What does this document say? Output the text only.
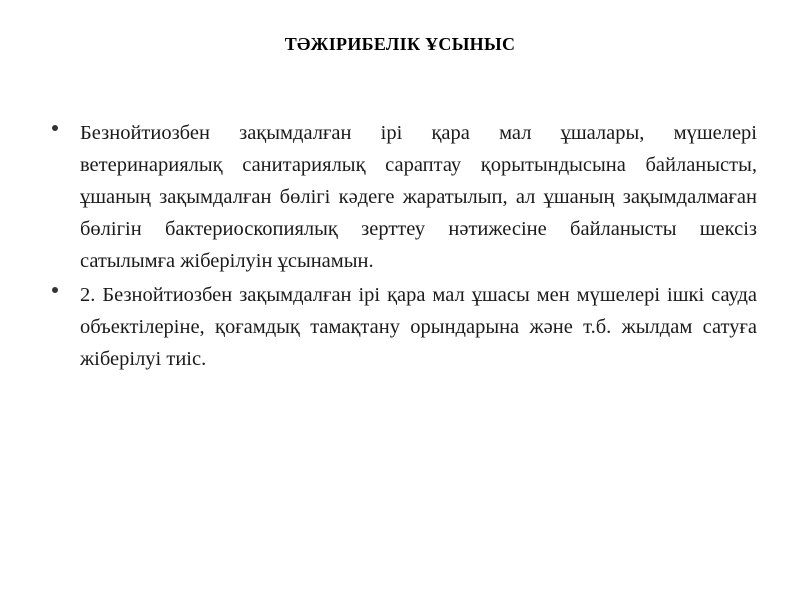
ТӘЖІРИБЕЛІК ҰСЫНЫС
Безнойтиозбен зақымдалған ірі қара мал ұшалары, мүшелері ветеринариялық санитариялық сараптау қорытындысына байланысты, ұшаның зақымдалған бөлігі кәдеге жаратылып, ал ұшаның зақымдалмаған бөлігін бактериоскопиялық зерттеу нәтижесіне байланысты шексіз сатылымға жіберілуін ұсынамын.
2. Безнойтиозбен зақымдалған ірі қара мал ұшасы мен мүшелері ішкі сауда объектілеріне, қоғамдық тамақтану орындарына және т.б. жылдам сатуға жіберілуі тиіс.
